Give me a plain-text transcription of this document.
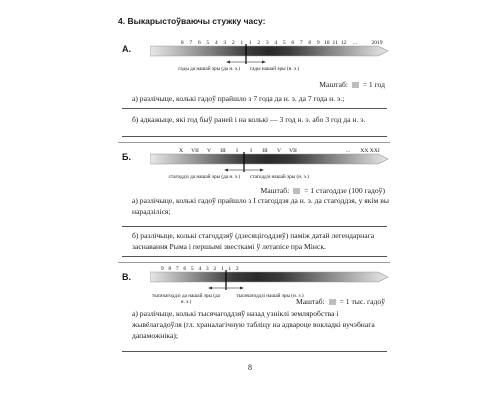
4. Выкарыстоўваючы стужку часу:
А.
8 7 6 5 4 3 2 1 1 2 3 4 5 6 7 8 9 10 11 12 ...	2019
гады да нашай эры (да н. э.) гады нашай эры (н. э.)
Маштаб: = 1 год
а) разлічыце, колькі гадоў прайшло з 7 года да н. э. да 7 года н. э.;
б) адкажыце, які год быў раней і на колькі — 3 год н. э. або 3 год да н. э.
Б.
X VII V III I I III V VII	... XX XXI
стагоддзі да нашай эры (да н. э.) стагоддзі нашай эры (н. э.)
Маштаб: = 1 стагоддзе (100 гадоў)
а) разлічыце, колькі гадоў прайшло з I стагоддзя да н. э. да стагоддзя, у якім вы нарадзіліся;
б) разлічыце, колькі стагоддзяў (дзесяцігоддзяў) паміж датай легендарнага заснавання Рыма і першымі звесткамі ў летапісе пра Мінск.
В.
9 8 7 6 5 4 3 2 1 1 2
тысячагоддзі да нашай эры (да н. э.)
тысячагоддзі нашай эры (н. э.)
Маштаб: = 1 тыс. гадоў
а) разлічыце, колькі тысячагоддзяў назад узніклі земляробства і жывёлагадоўля (гл. храналагічную табліцу на адвароце вокладкі вучэбнага дапаможніка);
8
